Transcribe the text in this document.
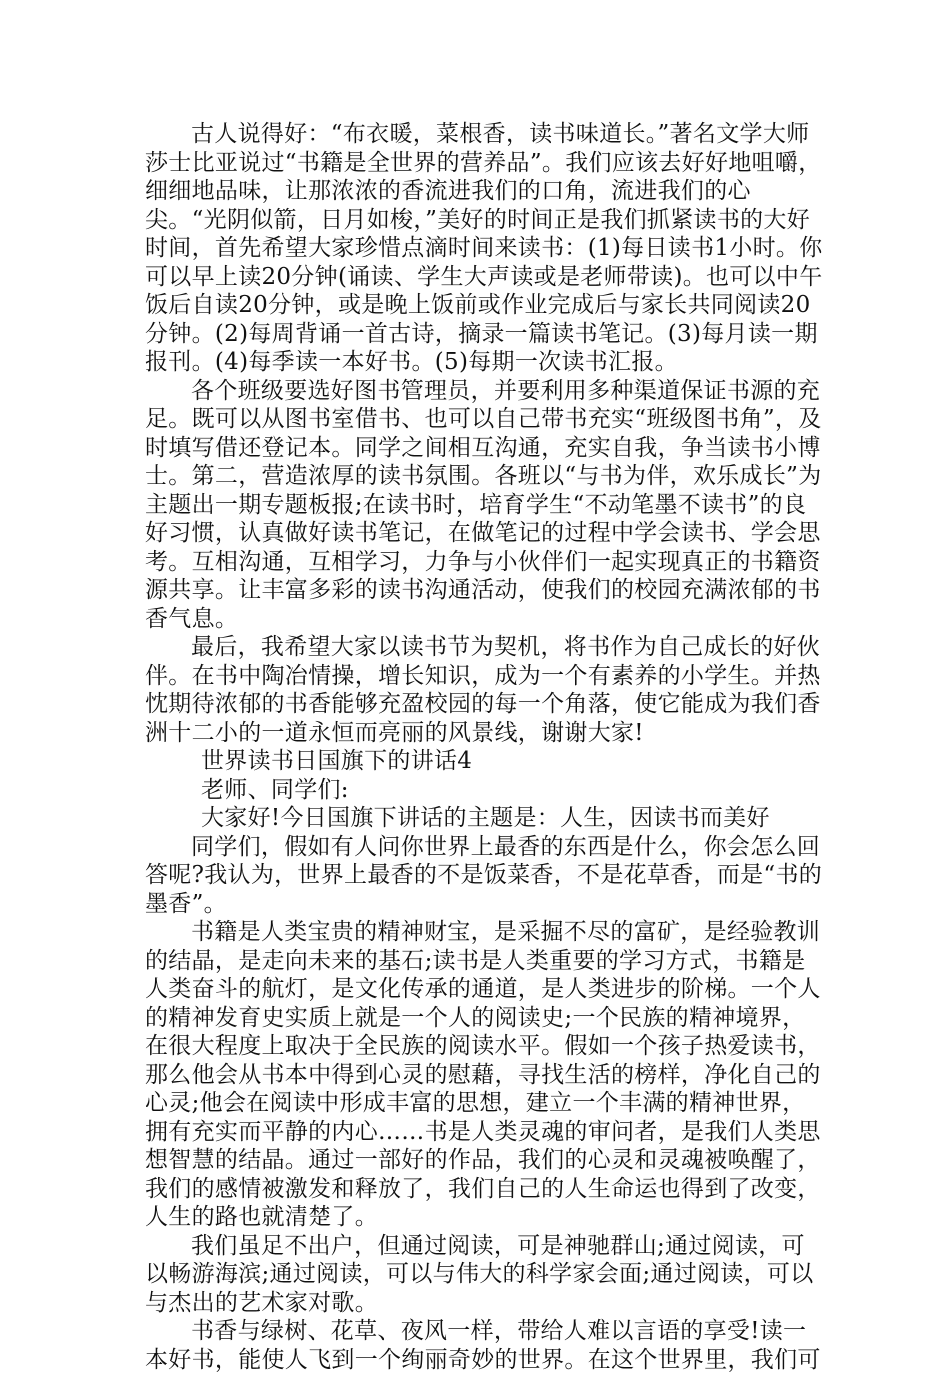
古人说得好：“布衣暖，菜根香，读书味道长。”著名文学大师莎士比亚说过“书籍是全世界的营养品”。我们应该去好好地咀嚼，细细地品味，让那浓浓的香流进我们的口角，流进我们的心尖。“光阴似箭，日月如梭，”美好的时间正是我们抓紧读书的大好时间，首先希望大家珍惜点滴时间来读书：(1)每日读书1小时。你可以早上读20分钟(诵读、学生大声读或是老师带读)。也可以中午饭后自读20分钟，或是晚上饭前或作业完成后与家长共同阅读20分钟。(2)每周背诵一首古诗，摘录一篇读书笔记。(3)每月读一期报刊。(4)每季读一本好书。(5)每期一次读书汇报。

各个班级要选好图书管理员，并要利用多种渠道保证书源的充足。既可以从图书室借书、也可以自己带书充实“班级图书角”，及时填写借还登记本。同学之间相互沟通，充实自我，争当读书小博士。第二，营造浓厚的读书氛围。各班以“与书为伴，欢乐成长”为主题出一期专题板报;在读书时，培育学生“不动笔墨不读书”的良好习惯，认真做好读书笔记，在做笔记的过程中学会读书、学会思考。互相沟通，互相学习，力争与小伙伴们一起实现真正的书籍资源共享。让丰富多彩的读书沟通活动，使我们的校园充满浓郁的书香气息。

最后，我希望大家以读书节为契机，将书作为自己成长的好伙伴。在书中陶冶情操，增长知识，成为一个有素养的小学生。并热忱期待浓郁的书香能够充盈校园的每一个角落，使它能成为我们香洲十二小的一道永恒而亮丽的风景线，谢谢大家!

世界读书日国旗下的讲话4

老师、同学们:

大家好!今日国旗下讲话的主题是：人生，因读书而美好

同学们，假如有人问你世界上最香的东西是什么，你会怎么回答呢?我认为，世界上最香的不是饭菜香，不是花草香，而是“书的墨香”。

书籍是人类宝贵的精神财宝，是采掘不尽的富矿，是经验教训的结晶，是走向未来的基石;读书是人类重要的学习方式，书籍是人类奋斗的航灯，是文化传承的通道，是人类进步的阶梯。一个人的精神发育史实质上就是一个人的阅读史;一个民族的精神境界，在很大程度上取决于全民族的阅读水平。假如一个孩子热爱读书，那么他会从书本中得到心灵的慰藉，寻找生活的榜样，净化自己的心灵;他会在阅读中形成丰富的思想，建立一个丰满的精神世界，拥有充实而平静的内心……书是人类灵魂的审问者，是我们人类思想智慧的结晶。通过一部好的作品，我们的心灵和灵魂被唤醒了，我们的感情被激发和释放了，我们自己的人生命运也得到了改变，人生的路也就清楚了。

我们虽足不出户，但通过阅读，可是神驰群山;通过阅读，可以畅游海滨;通过阅读，可以与伟大的科学家会面;通过阅读，可以与杰出的艺术家对歌。

书香与绿树、花草、夜风一样，带给人难以言语的享受!读一本好书，能使人飞到一个绚丽奇妙的世界。在这个世界里，我们可
